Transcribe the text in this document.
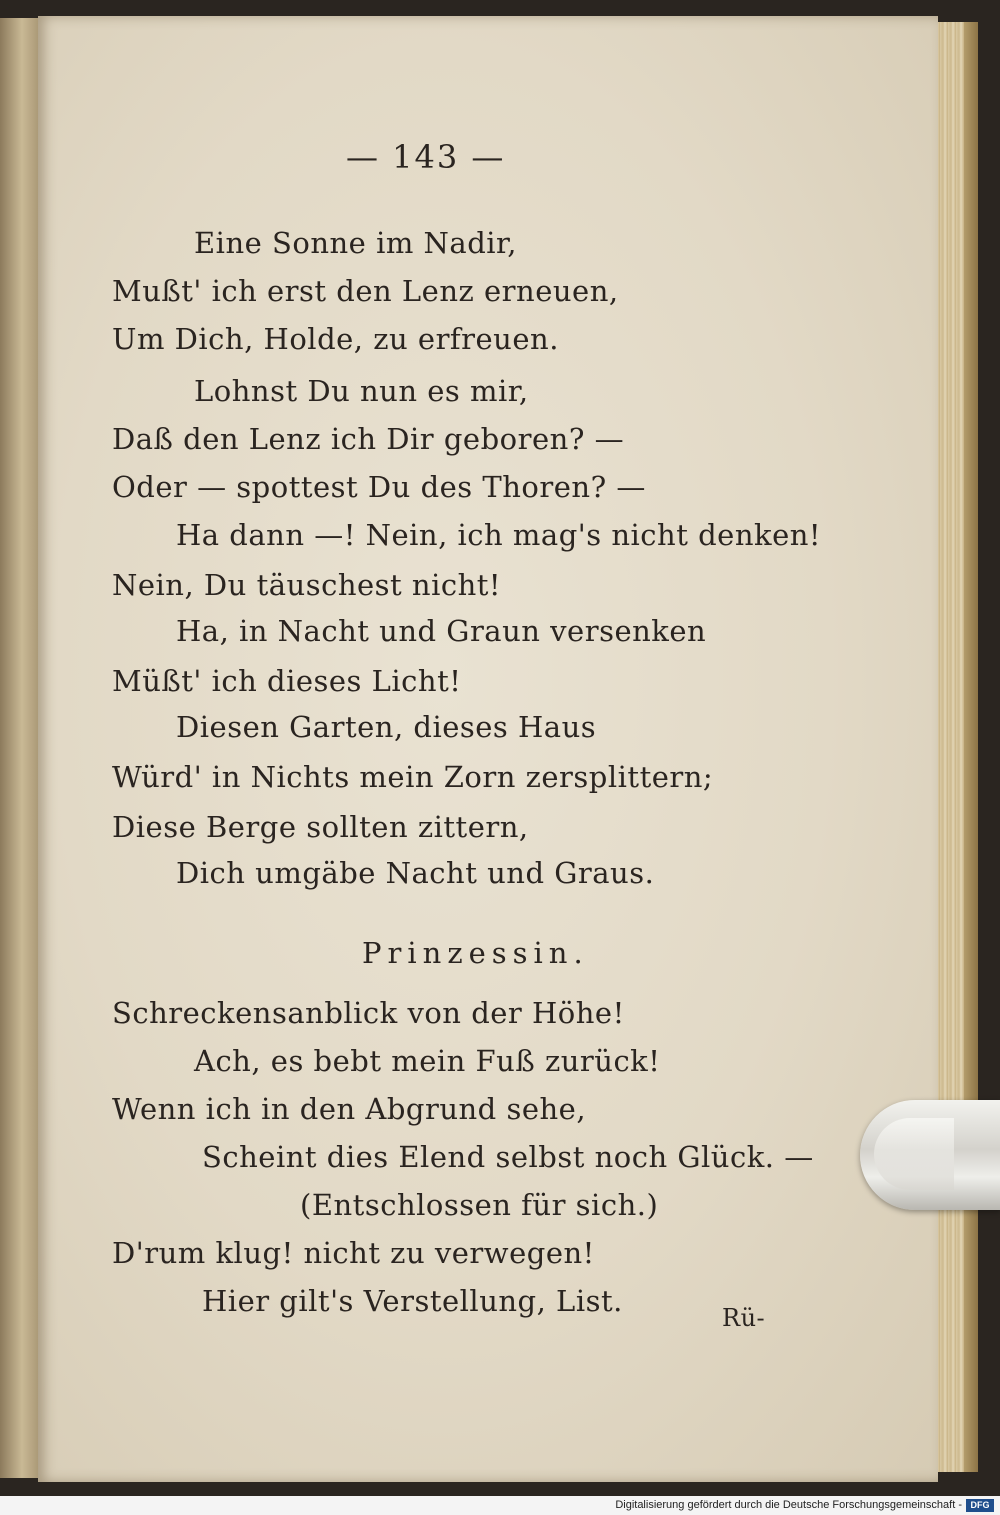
— 143 —
Eine Sonne im Nadir,
Mußt' ich erst den Lenz erneuen,
Um Dich, Holde, zu erfreuen.
Lohnst Du nun es mir,
Daß den Lenz ich Dir geboren? —
Oder — spottest Du des Thoren? —
Ha dann —! Nein, ich mag's nicht denken!
Nein, Du täuschest nicht!
Ha, in Nacht und Graun versenken
Müßt' ich dieses Licht!
Diesen Garten, dieses Haus
Würd' in Nichts mein Zorn zersplittern;
Diese Berge sollten zittern,
Dich umgäbe Nacht und Graus.
Prinzessin.
Schreckensanblick von der Höhe!
Ach, es bebt mein Fuß zurück!
Wenn ich in den Abgrund sehe,
Scheint dies Elend selbst noch Glück. —
(Entschlossen für sich.)
D'rum klug! nicht zu verwegen!
Hier gilt's Verstellung, List.	Rü-
Digitalisierung gefördert durch die Deutsche Forschungsgemeinschaft - DFG
